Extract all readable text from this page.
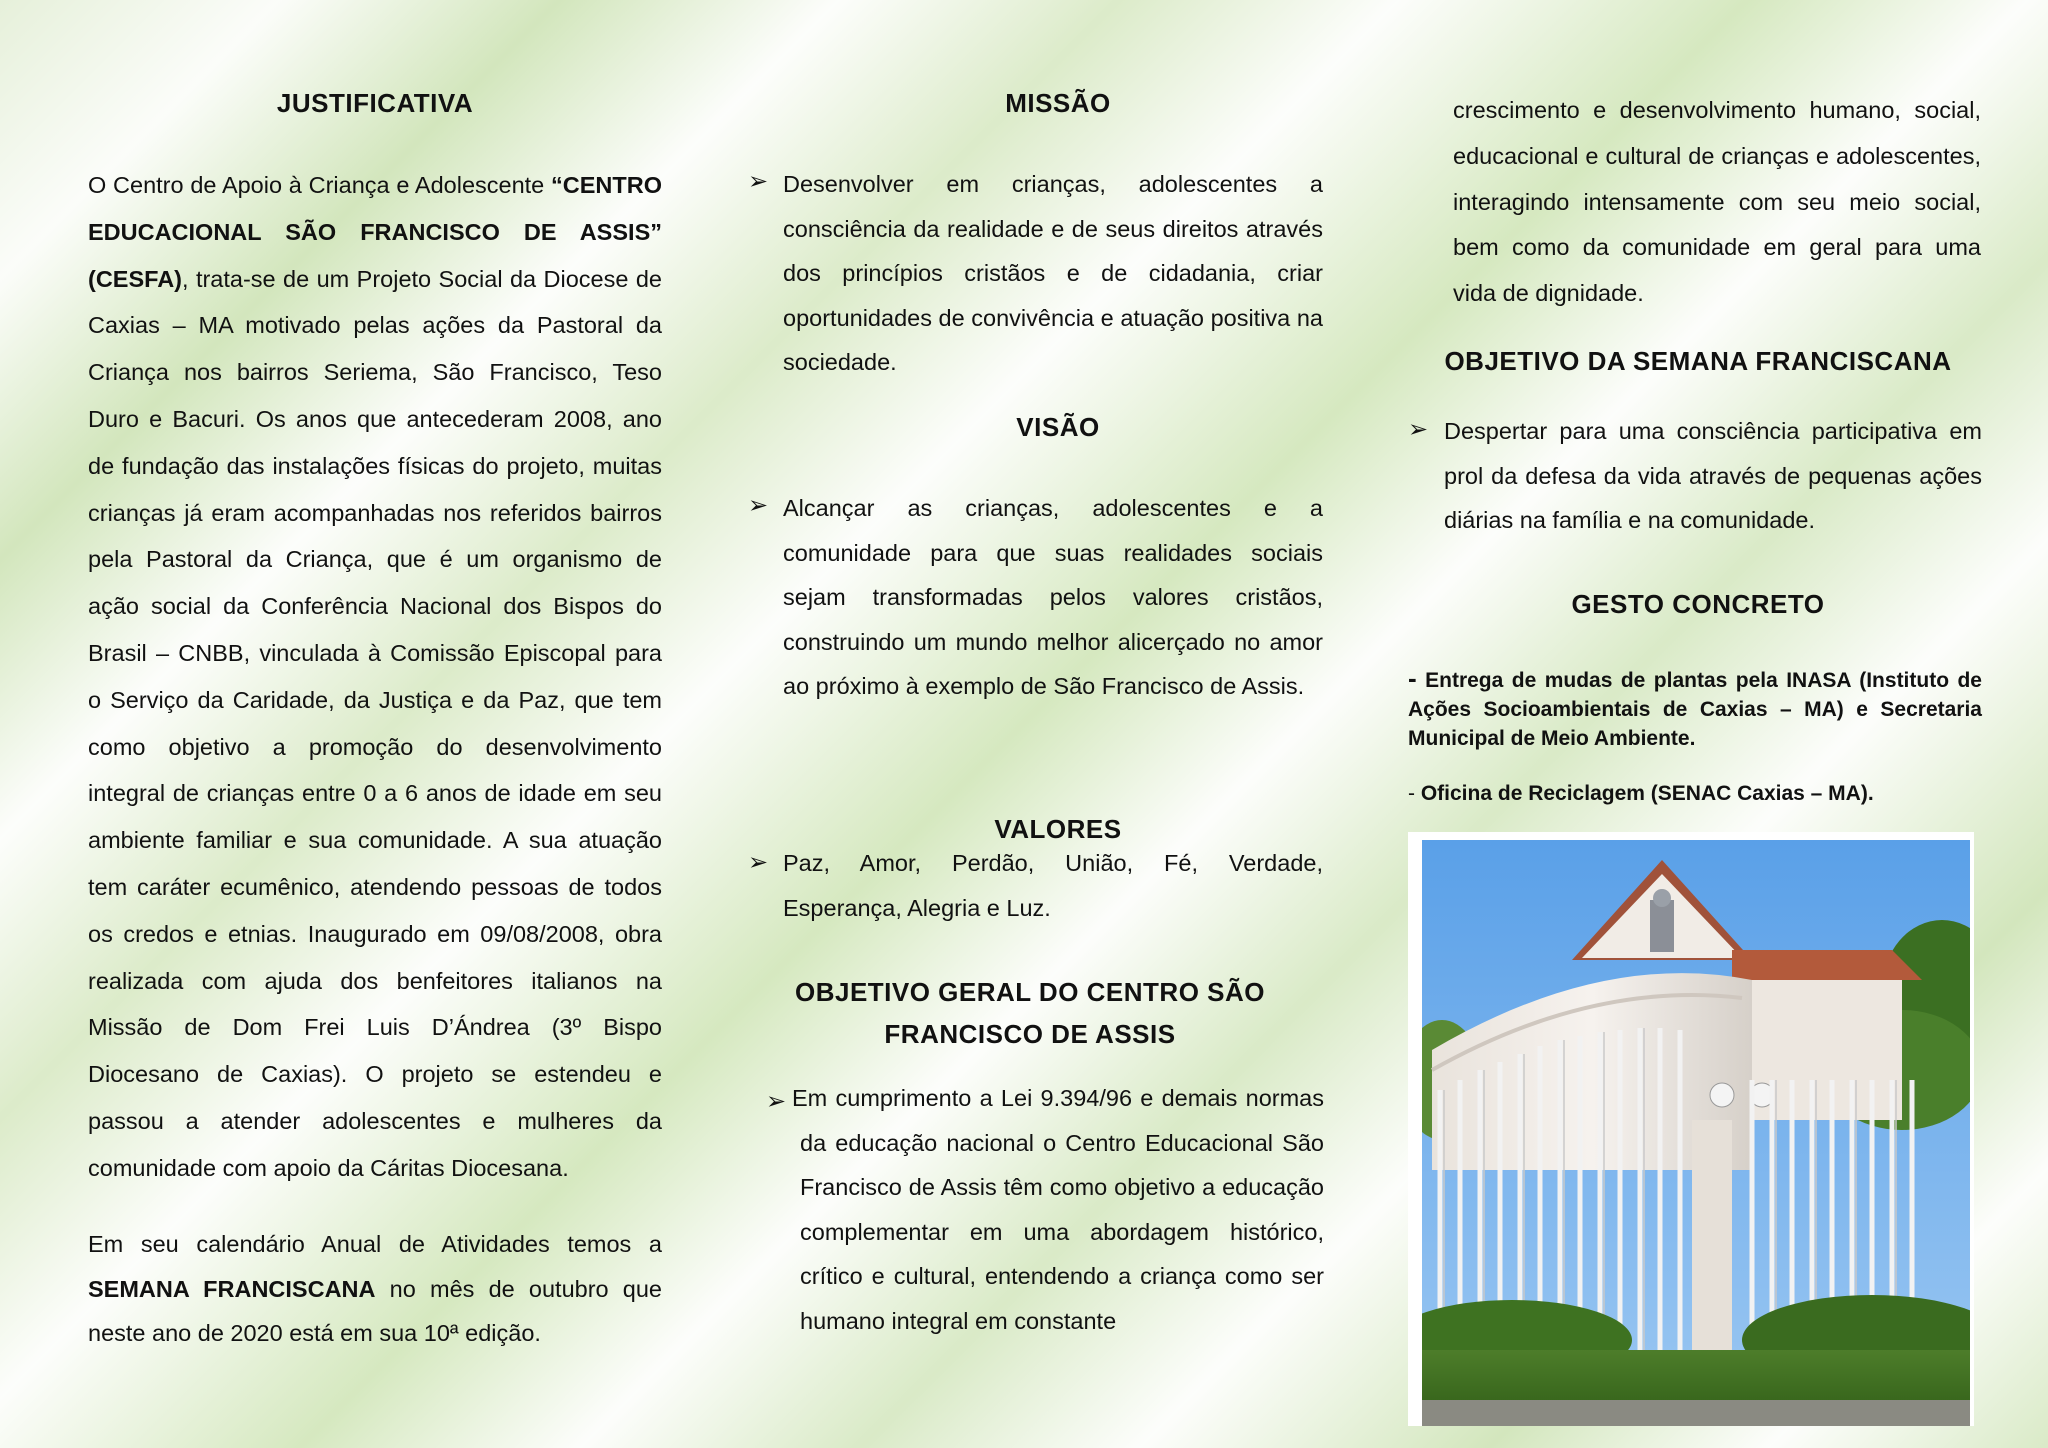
JUSTIFICATIVA
O Centro de Apoio à Criança e Adolescente “CENTRO EDUCACIONAL SÃO FRANCISCO DE ASSIS” (CESFA), trata-se de um Projeto Social da Diocese de Caxias – MA motivado pelas ações da Pastoral da Criança nos bairros Seriema, São Francisco, Teso Duro e Bacuri. Os anos que antecederam 2008, ano de fundação das instalações físicas do projeto, muitas crianças já eram acompanhadas nos referidos bairros pela Pastoral da Criança, que é um organismo de ação social da Conferência Nacional dos Bispos do Brasil – CNBB, vinculada à Comissão Episcopal para o Serviço da Caridade, da Justiça e da Paz, que tem como objetivo a promoção do desenvolvimento integral de crianças entre 0 a 6 anos de idade em seu ambiente familiar e sua comunidade. A sua atuação tem caráter ecumênico, atendendo pessoas de todos os credos e etnias. Inaugurado em 09/08/2008, obra realizada com ajuda dos benfeitores italianos na Missão de Dom Frei Luis D’Ándrea (3º Bispo Diocesano de Caxias). O projeto se estendeu e passou a atender adolescentes e mulheres da comunidade com apoio da Cáritas Diocesana.
Em seu calendário Anual de Atividades temos a SEMANA FRANCISCANA no mês de outubro que neste ano de 2020 está em sua 10ª edição.
MISSÃO
➢ Desenvolver em crianças, adolescentes a consciência da realidade e de seus direitos através dos princípios cristãos e de cidadania, criar oportunidades de convivência e atuação positiva na sociedade.
VISÃO
➢ Alcançar as crianças, adolescentes e a comunidade para que suas realidades sociais sejam transformadas pelos valores cristãos, construindo um mundo melhor alicerçado no amor ao próximo à exemplo de São Francisco de Assis.
VALORES
➢ Paz, Amor, Perdão, União, Fé, Verdade, Esperança, Alegria e Luz.
OBJETIVO GERAL DO CENTRO SÃO
FRANCISCO DE ASSIS
➢ Em cumprimento a Lei 9.394/96 e demais normas da educação nacional o Centro Educacional São Francisco de Assis têm como objetivo a educação complementar em uma abordagem histórico, crítico e cultural, entendendo a criança como ser humano integral em constante
crescimento e desenvolvimento humano, social, educacional e cultural de crianças e adolescentes, interagindo intensamente com seu meio social, bem como da comunidade em geral para uma vida de dignidade.
OBJETIVO DA SEMANA FRANCISCANA
➢ Despertar para uma consciência participativa em prol da defesa da vida através de pequenas ações diárias na família e na comunidade.
GESTO CONCRETO
- Entrega de mudas de plantas pela INASA (Instituto de Ações Socioambientais de Caxias – MA) e Secretaria Municipal de Meio Ambiente.
- Oficina de Reciclagem (SENAC Caxias – MA).
